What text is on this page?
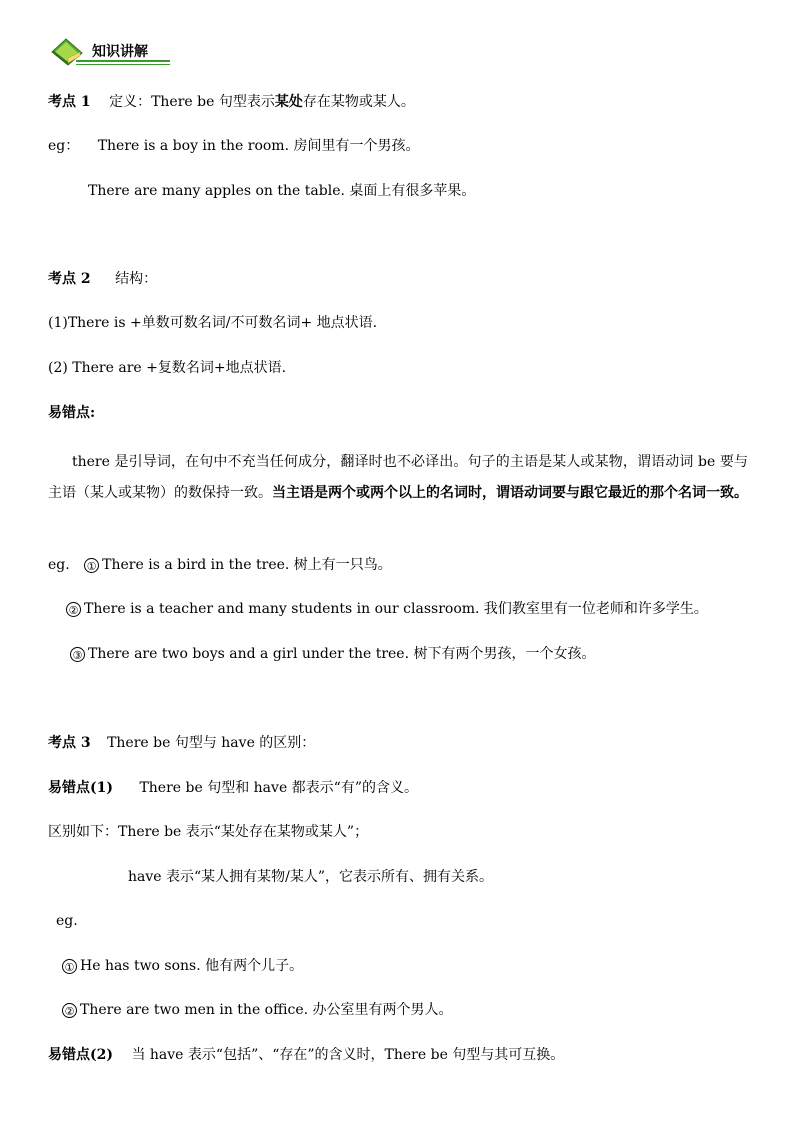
知识讲解
考点 1 定义：There be 句型表示某处存在某物或某人。
eg： There is a boy in the room. 房间里有一个男孩。
There are many apples on the table. 桌面上有很多苹果。
考点 2 结构：
(1)There is +单数可数名词/不可数名词+ 地点状语.
(2) There are +复数名词+地点状语.
易错点:
there 是引导词，在句中不充当任何成分，翻译时也不必译出。句子的主语是某人或某物，谓语动词 be 要与主语（某人或某物）的数保持一致。当主语是两个或两个以上的名词时，谓语动词要与跟它最近的那个名词一致。
eg. ① There is a bird in the tree. 树上有一只鸟。
② There is a teacher and many students in our classroom. 我们教室里有一位老师和许多学生。
③ There are two boys and a girl under the tree. 树下有两个男孩，一个女孩。
考点 3 There be 句型与 have 的区别：
易错点(1) There be 句型和 have 都表示“有”的含义。
区别如下：There be 表示“某处存在某物或某人”；
have 表示“某人拥有某物/某人”，它表示所有、拥有关系。
eg.
① He has two sons. 他有两个儿子。
② There are two men in the office. 办公室里有两个男人。
易错点(2) 当 have 表示“包括”、“存在”的含义时，There be 句型与其可互换。
